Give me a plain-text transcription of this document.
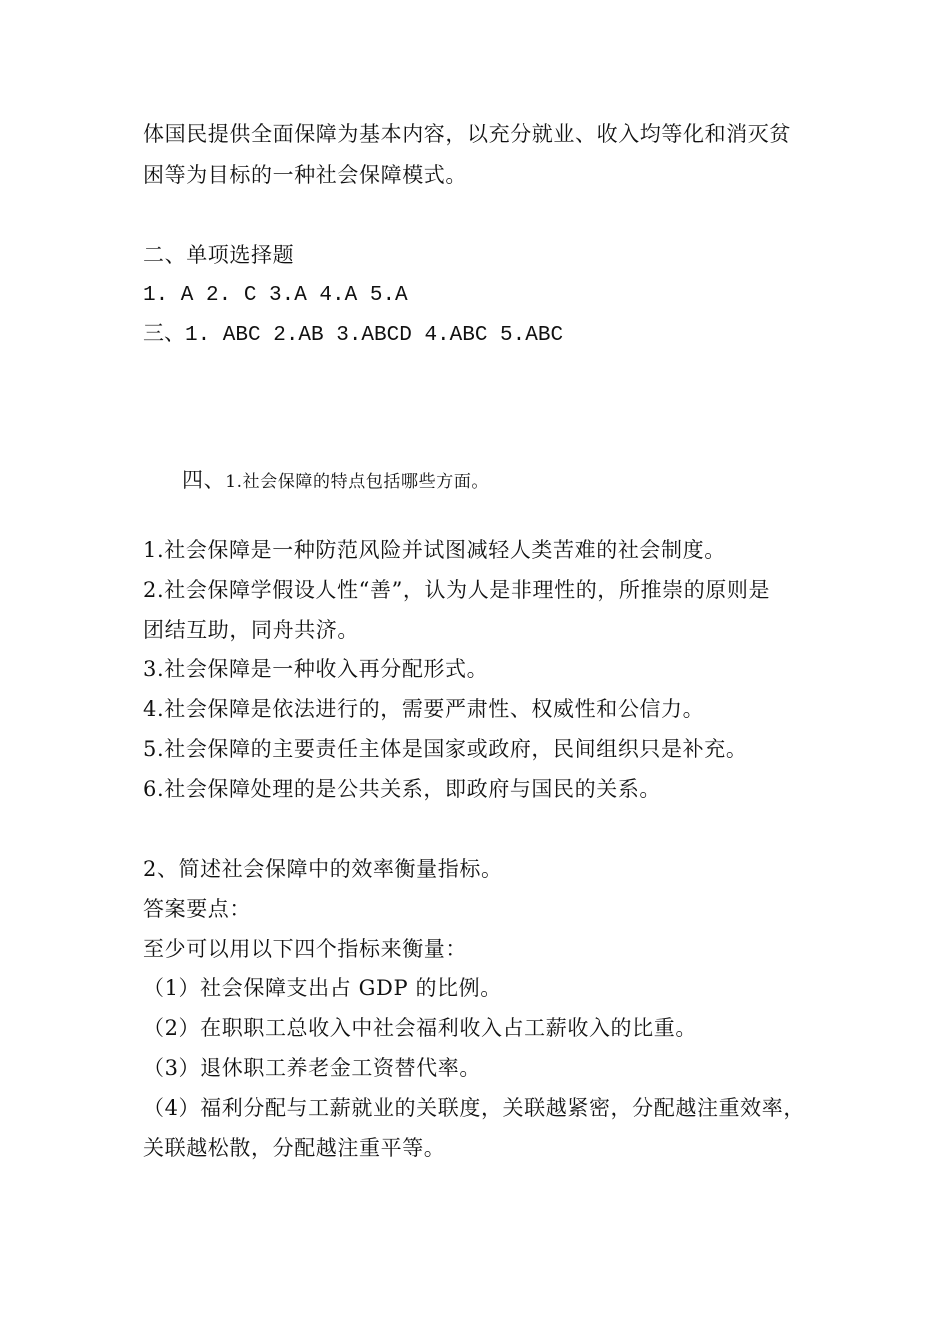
体国民提供全面保障为基本内容，以充分就业、收入均等化和消灭贫
困等为目标的一种社会保障模式。
二、单项选择题
1. A 2. C 3.A 4.A 5.A
三、1. ABC 2.AB 3.ABCD 4.ABC 5.ABC
四、1.社会保障的特点包括哪些方面。
1.社会保障是一种防范风险并试图减轻人类苦难的社会制度。
2.社会保障学假设人性“善”，认为人是非理性的，所推崇的原则是
团结互助，同舟共济。
3.社会保障是一种收入再分配形式。
4.社会保障是依法进行的，需要严肃性、权威性和公信力。
5.社会保障的主要责任主体是国家或政府，民间组织只是补充。
6.社会保障处理的是公共关系，即政府与国民的关系。
2、简述社会保障中的效率衡量指标。
答案要点：
至少可以用以下四个指标来衡量：
（1）社会保障支出占 GDP 的比例。
（2）在职职工总收入中社会福利收入占工薪收入的比重。
（3）退休职工养老金工资替代率。
（4）福利分配与工薪就业的关联度，关联越紧密，分配越注重效率，
关联越松散，分配越注重平等。
